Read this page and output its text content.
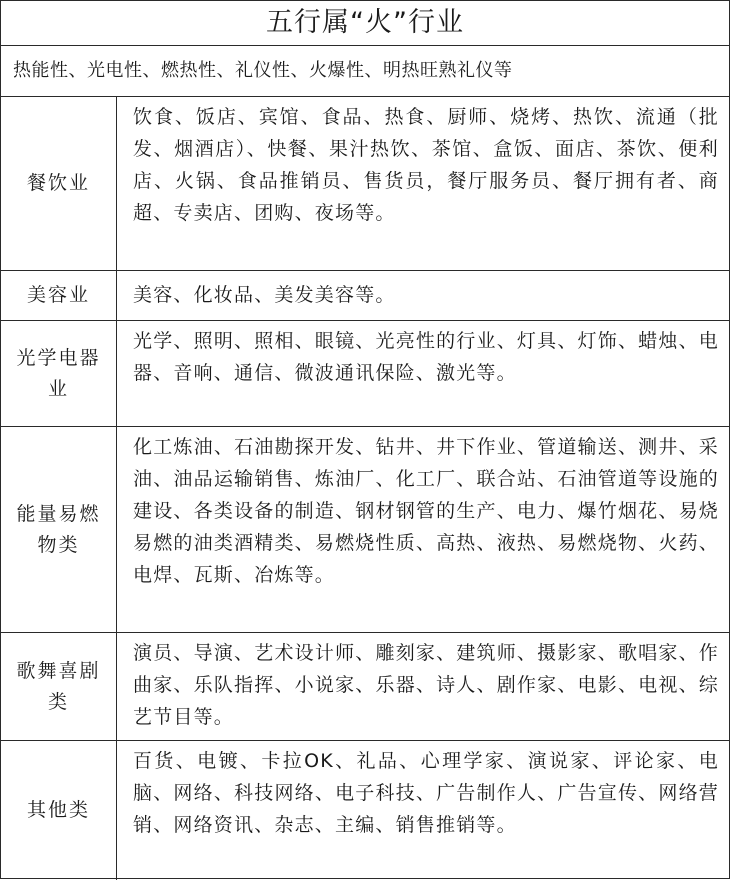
五行属“火”行业
热能性、光电性、燃热性、礼仪性、火爆性、明热旺熟礼仪等
餐饮业
饮食、饭店、宾馆、食品、热食、厨师、烧烤、热饮、流通（批发、烟酒店）、快餐、果汁热饮、茶馆、盒饭、面店、茶饮、便利店、火锅、食品推销员、售货员，餐厅服务员、餐厅拥有者、商超、专卖店、团购、夜场等。
美容业	美容、化妆品、美发美容等。
光学电器业
光学、照明、照相、眼镜、光亮性的行业、灯具、灯饰、蜡烛、电器、音响、通信、微波通讯保险、激光等。
能量易燃物类
化工炼油、石油勘探开发、钻井、井下作业、管道输送、测井、采油、油品运输销售、炼油厂、化工厂、联合站、石油管道等设施的建设、各类设备的制造、钢材钢管的生产、电力、爆竹烟花、易烧易燃的油类酒精类、易燃烧性质、高热、液热、易燃烧物、火药、电焊、瓦斯、冶炼等。
歌舞喜剧类
演员、导演、艺术设计师、雕刻家、建筑师、摄影家、歌唱家、作曲家、乐队指挥、小说家、乐器、诗人、剧作家、电影、电视、综艺节目等。
其他类
百货、电镀、卡拉OK、礼品、心理学家、演说家、评论家、电脑、网络、科技网络、电子科技、广告制作人、广告宣传、网络营销、网络资讯、杂志、主编、销售推销等。
